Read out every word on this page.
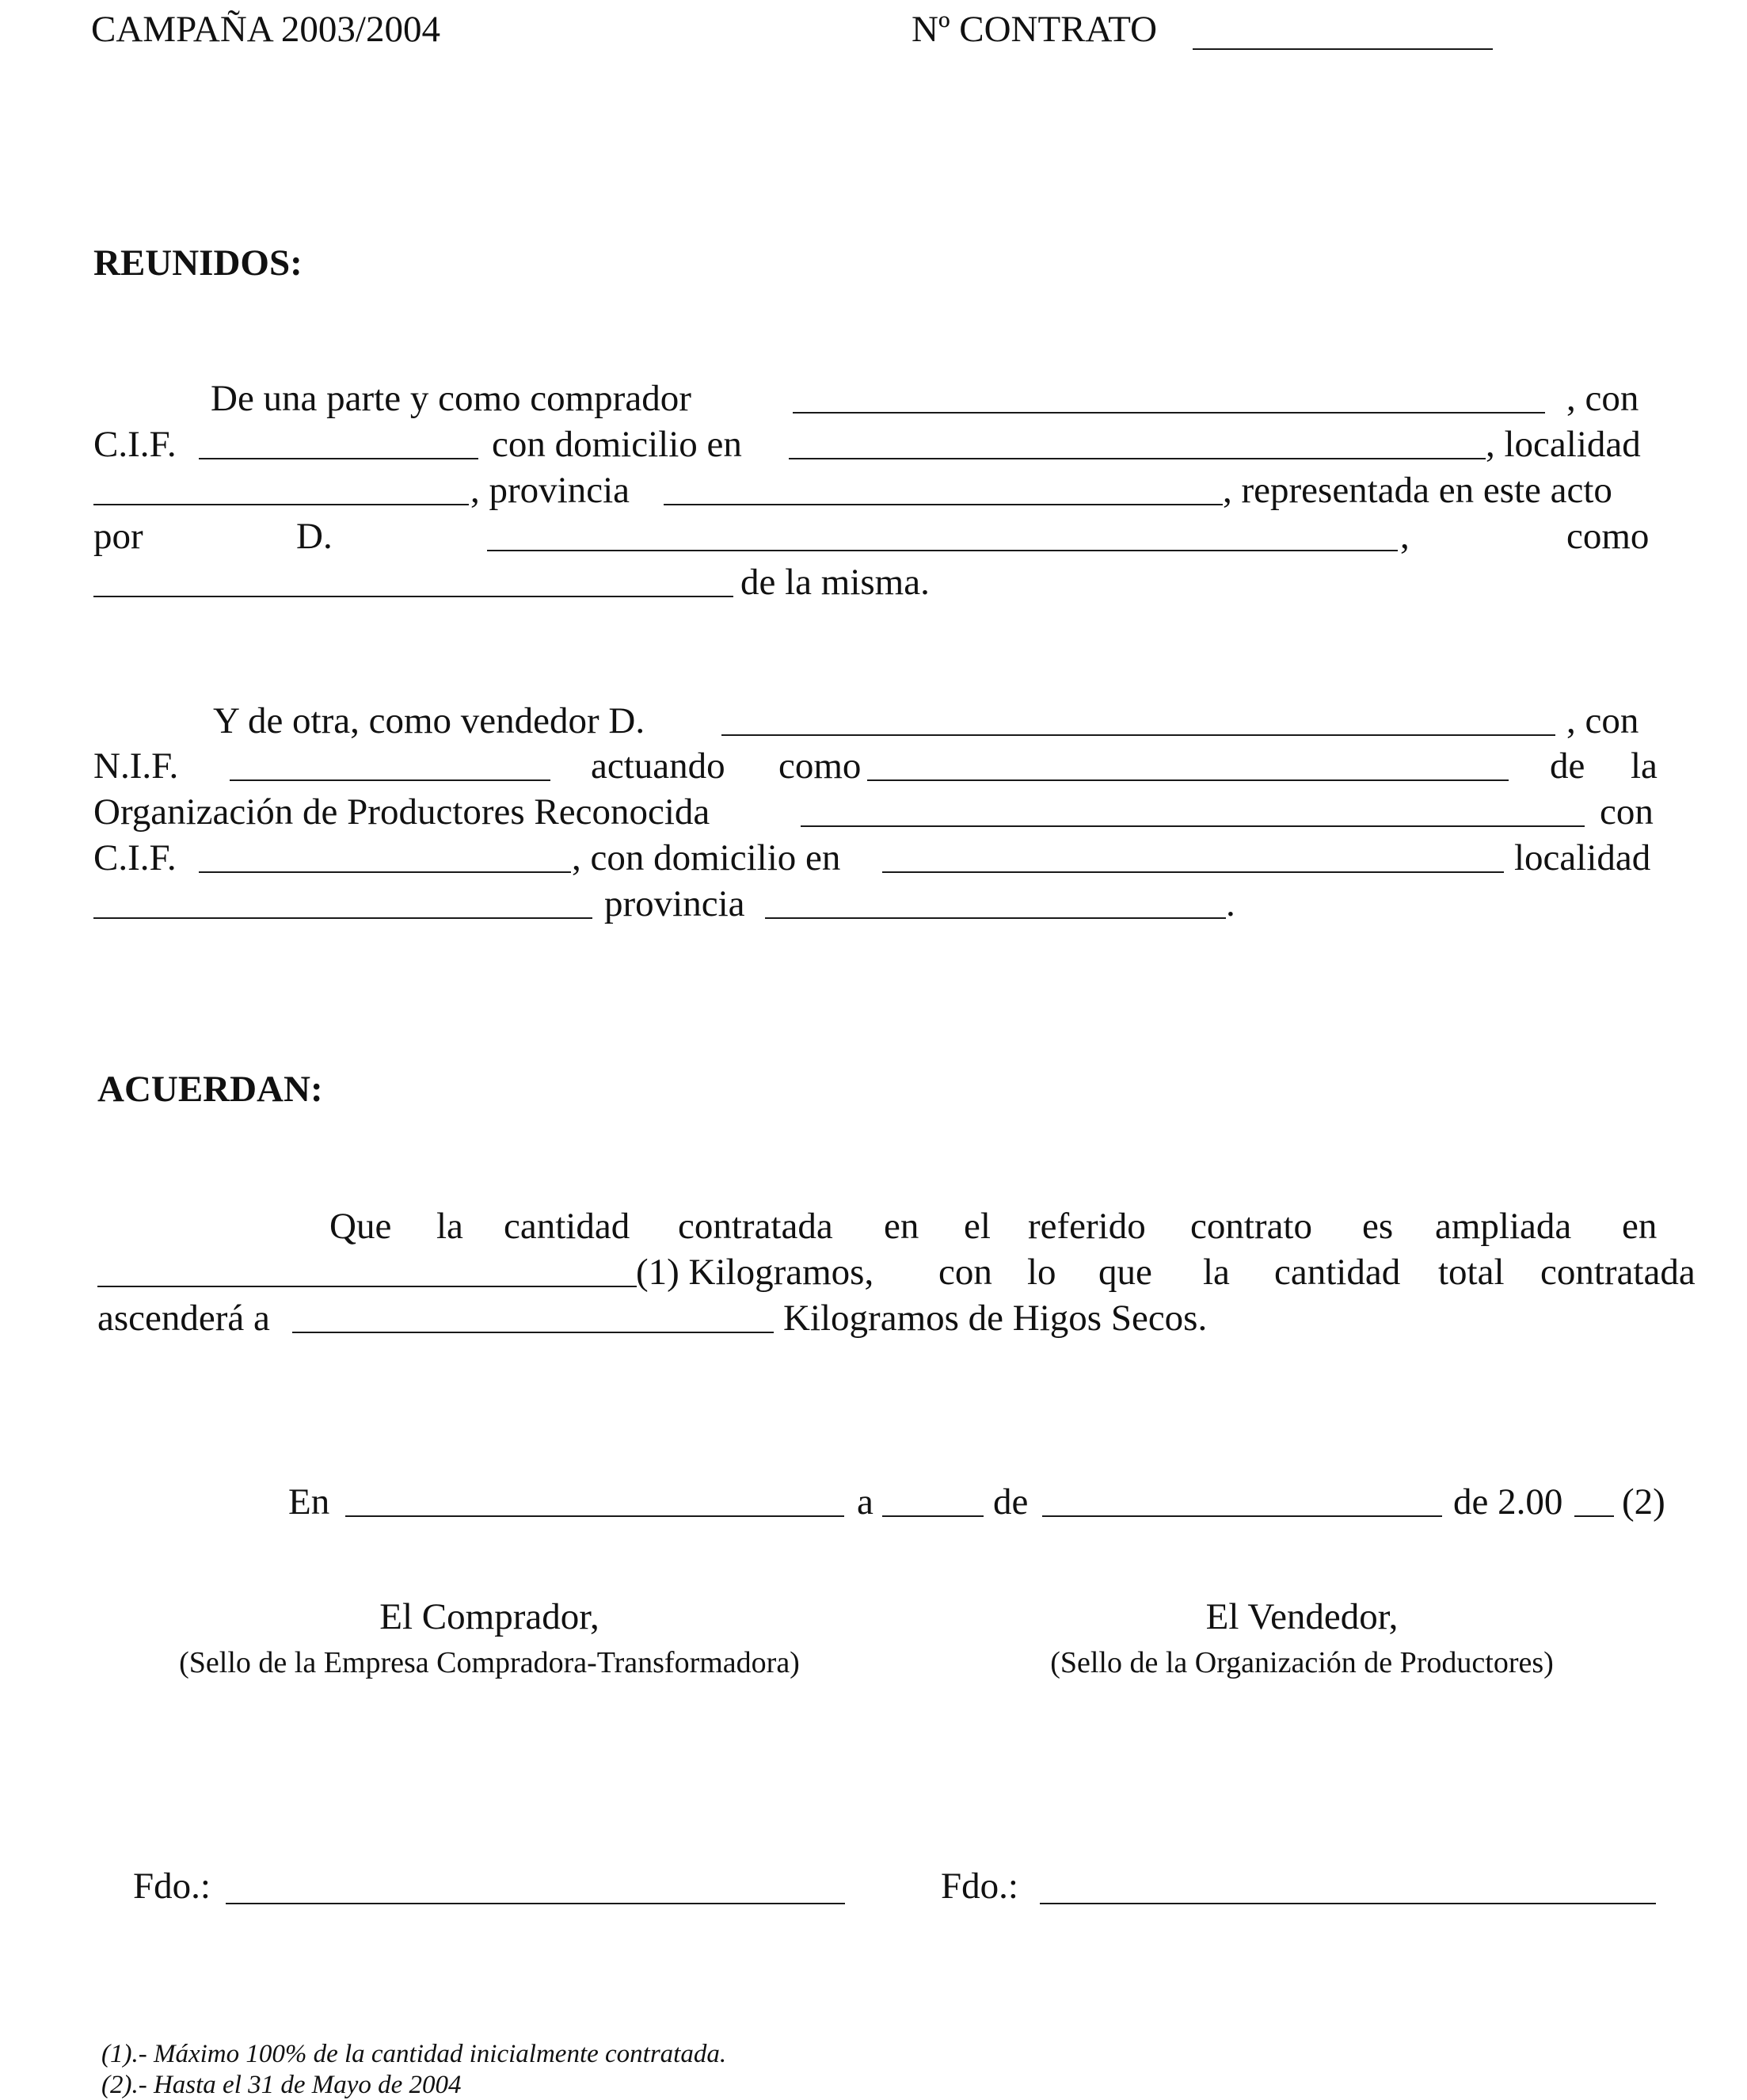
CAMPAÑA 2003/2004	Nº CONTRATO
REUNIDOS:
De una parte y como comprador	, con
C.I.F.	con domicilio en	, localidad
, provincia	, representada en este acto
por	D.	,	como
de la misma.
Y de otra, como vendedor D.	, con
N.I.F.	actuando como	de la
Organización de Productores Reconocida	con
C.I.F.	, con domicilio en	localidad
provincia	.
ACUERDAN:
Que la cantidad contratada en el referido contrato es ampliada en
(1) Kilogramos, con lo que la cantidad total contratada
ascenderá a	Kilogramos de Higos Secos.
En	a	de	de 2.00 (2)
El Comprador,
(Sello de la Empresa Compradora-Transformadora)
El Vendedor,
(Sello de la Organización de Productores)
Fdo.:	Fdo.:
(1).- Máximo 100% de la cantidad inicialmente contratada.
(2).- Hasta el 31 de Mayo de 2004
